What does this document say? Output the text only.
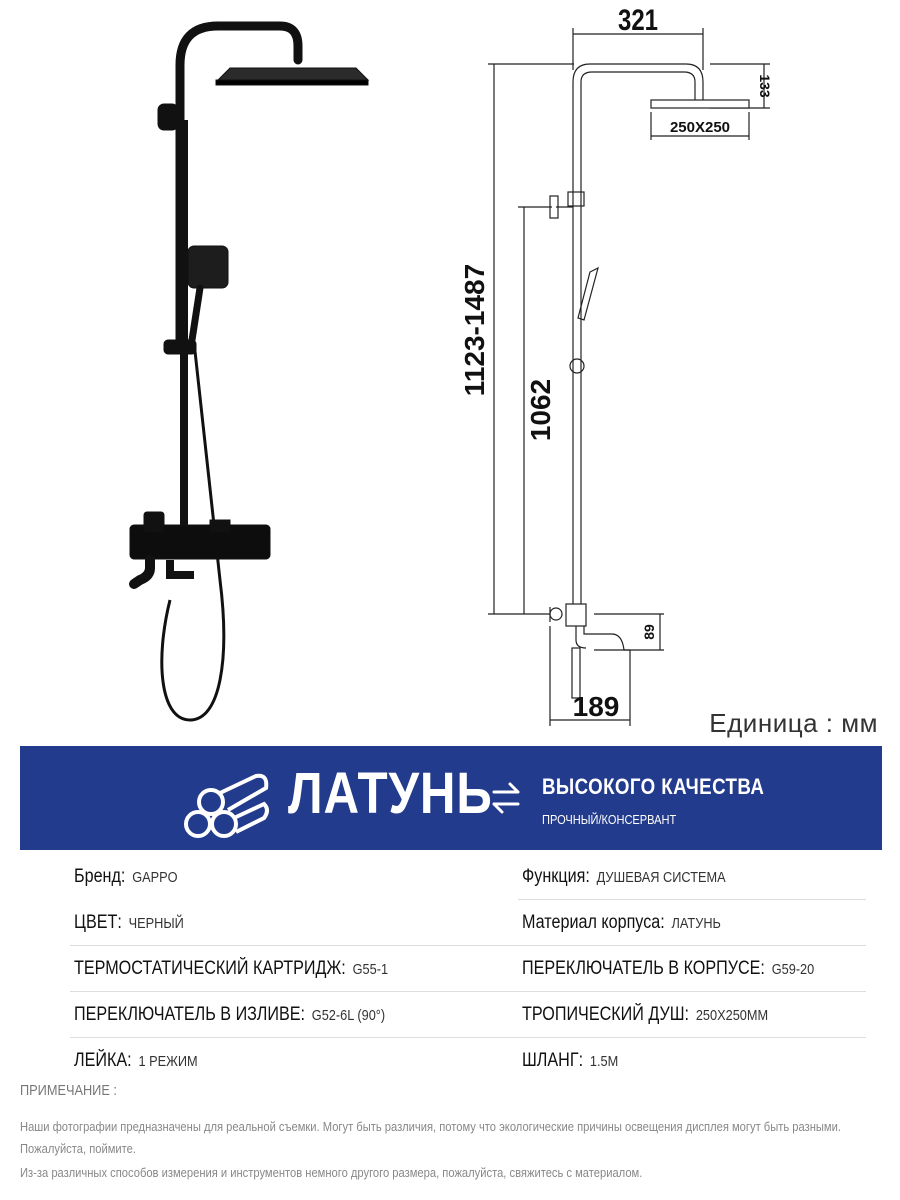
321
133
250X250
1123-1487
1062
89
189
Единица : мм
ЛАТУНЬ ВЫСОКОГО КАЧЕСТВА
ПРОЧНЫЙ/КОНСЕРВАНТ
Бренд: GAPPO	Функция: ДУШЕВАЯ СИСТЕМА
ЦВЕТ: ЧЕРНЫЙ	Материал корпуса: ЛАТУНЬ
ТЕРМОСТАТИЧЕСКИЙ КАРТРИДЖ: G55-1	ПЕРЕКЛЮЧАТЕЛЬ В КОРПУСЕ: G59-20
ПЕРЕКЛЮЧАТЕЛЬ В ИЗЛИВЕ: G52-6L (90°)	ТРОПИЧЕСКИЙ ДУШ: 250X250MM
ЛЕЙКА: 1 РЕЖИМ	ШЛАНГ: 1.5M
ПРИМЕЧАНИЕ :
Наши фотографии предназначены для реальной съемки. Могут быть различия, потому что экологические причины освещения дисплея могут быть разными. Пожалуйста, поймите.
Из-за различных способов измерения и инструментов немного другого размера, пожалуйста, свяжитесь с материалом.
